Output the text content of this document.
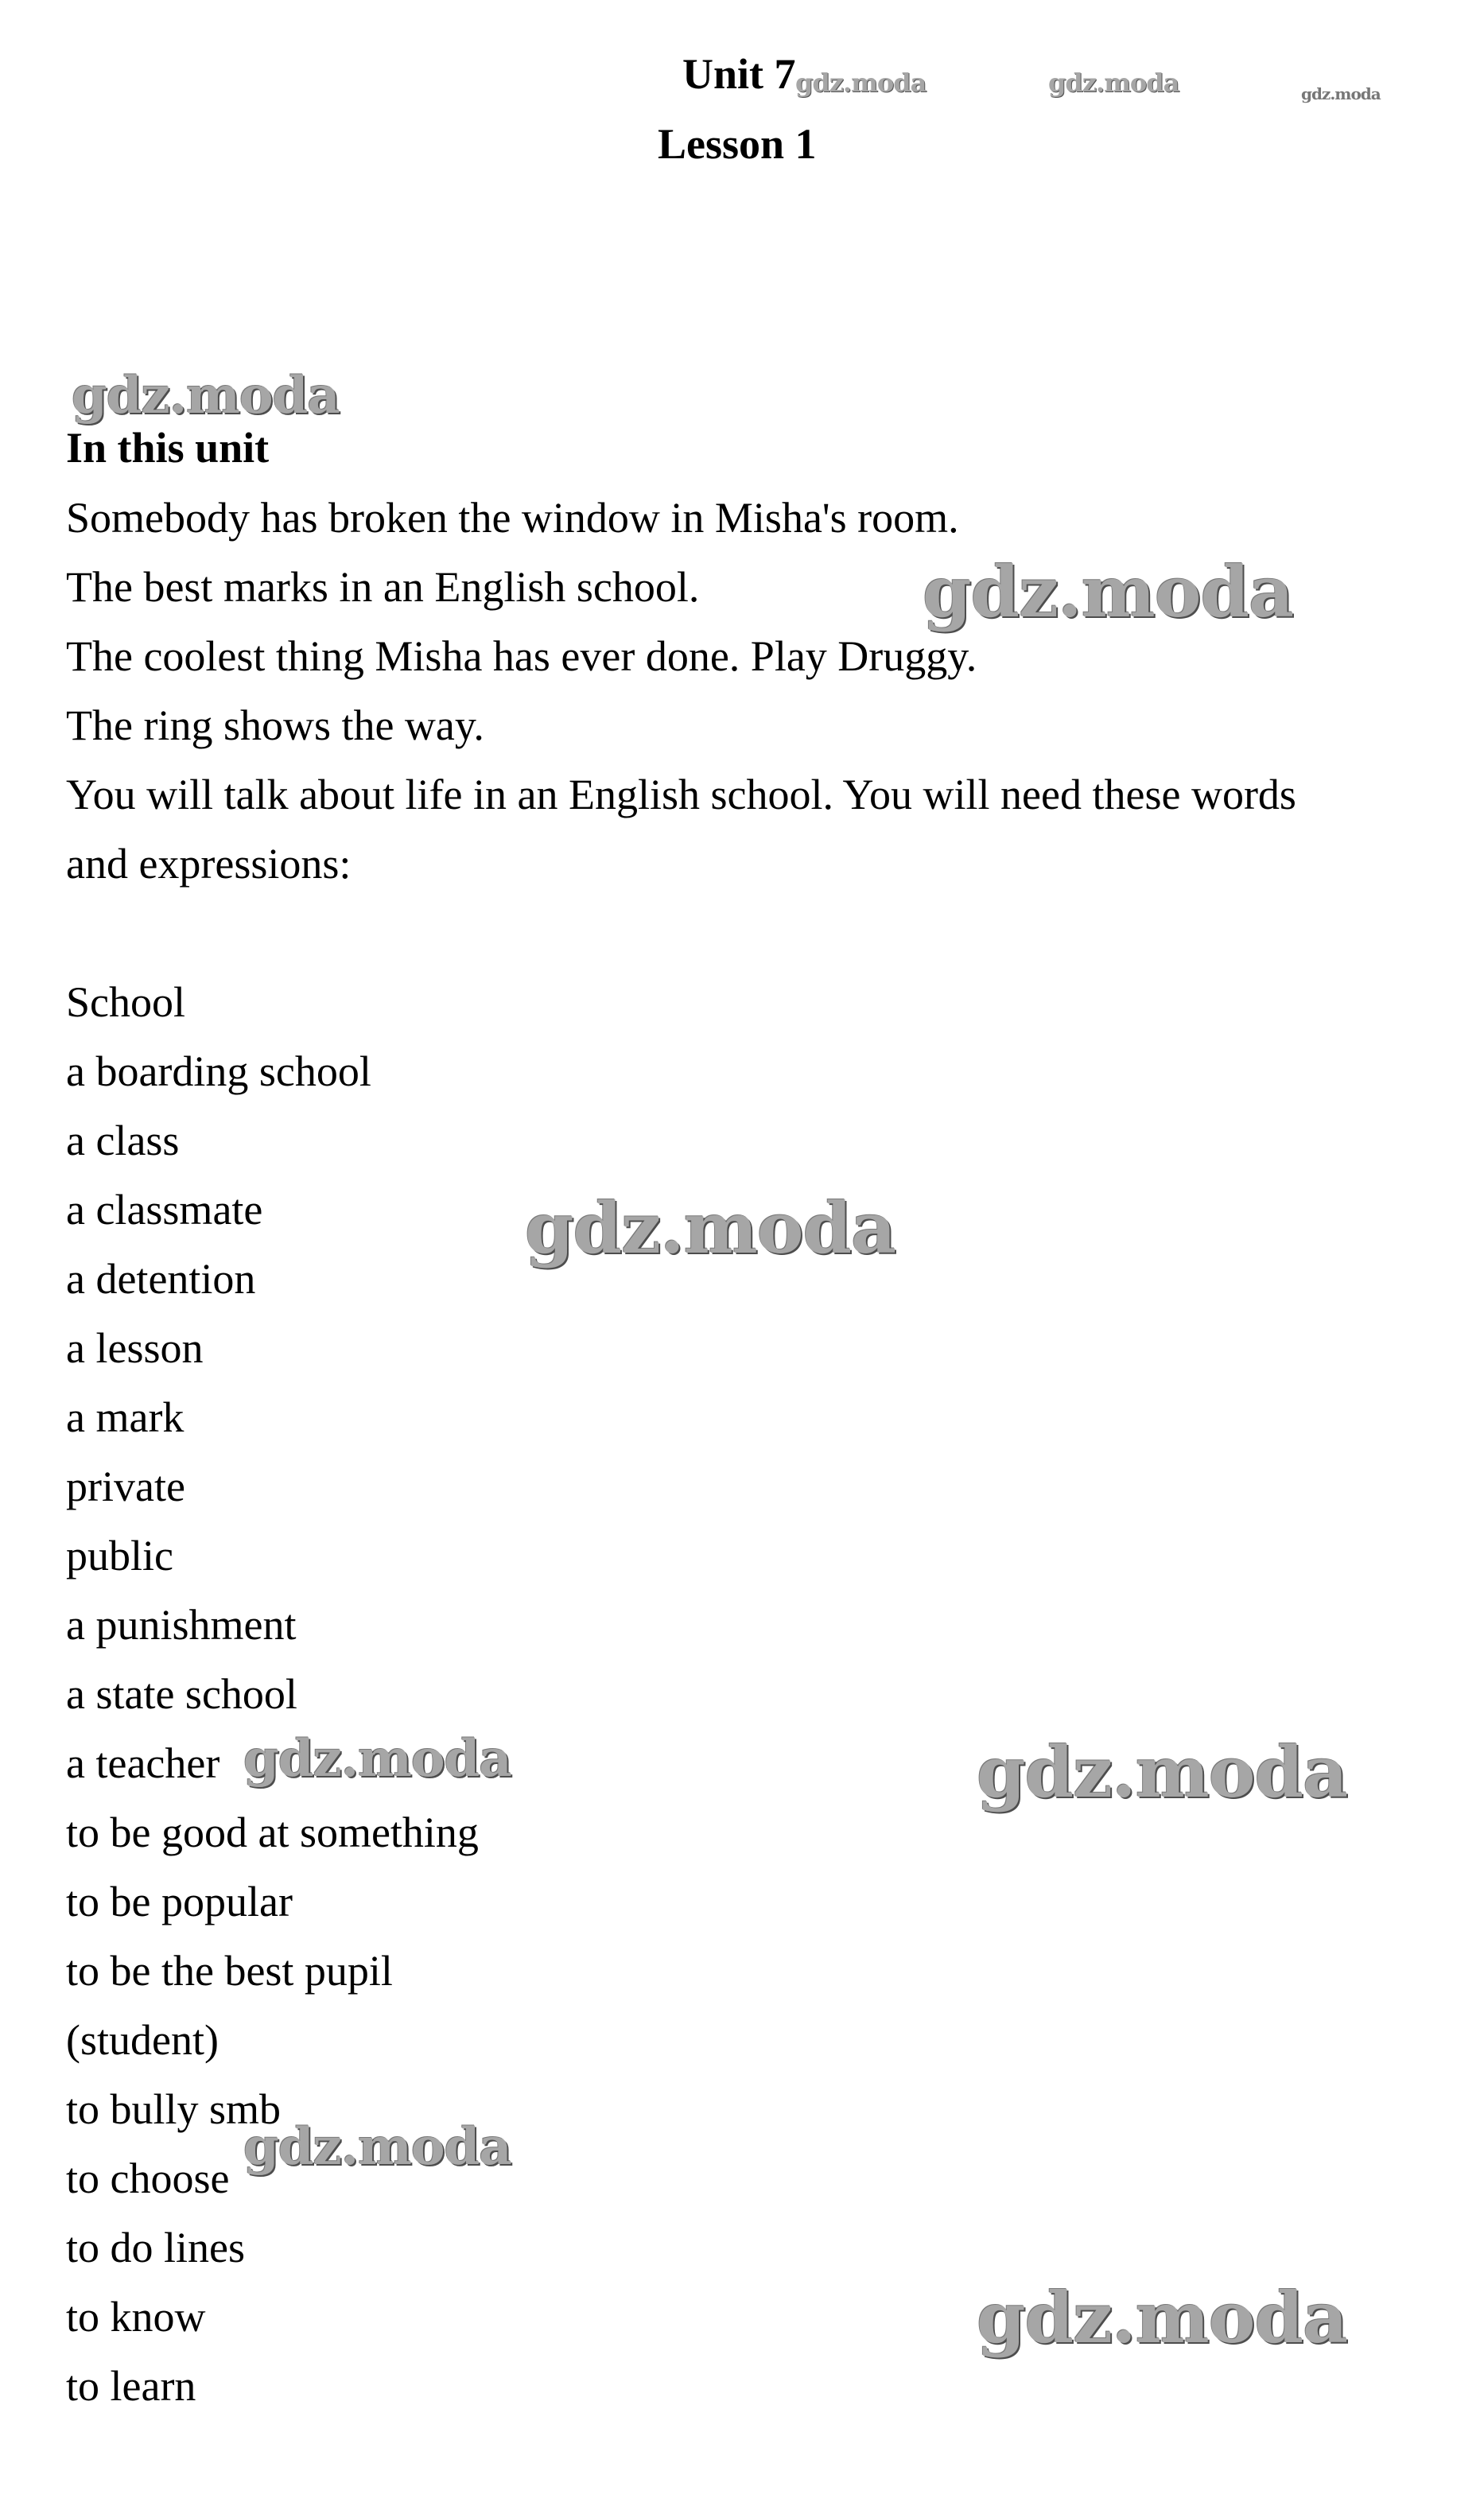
Unit 7
Lesson 1
In this unit
Somebody has broken the window in Misha's room.
The best marks in an English school.
The coolest thing Misha has ever done. Play Druggy.
The ring shows the way.
You will talk about life in an English school. You will need these words
and expressions:
School
a boarding school
a class
a classmate
a detention
a lesson
a mark
private
public
a punishment
a state school
a teacher
to be good at something
to be popular
to be the best pupil
(student)
to bully smb
to choose
to do lines
to know
to learn
gdz.moda	gdz.moda	gdz.moda
gdz.moda
gdz.moda
gdz.moda
gdz.moda	gdz.moda
gdz.moda
gdz.moda
